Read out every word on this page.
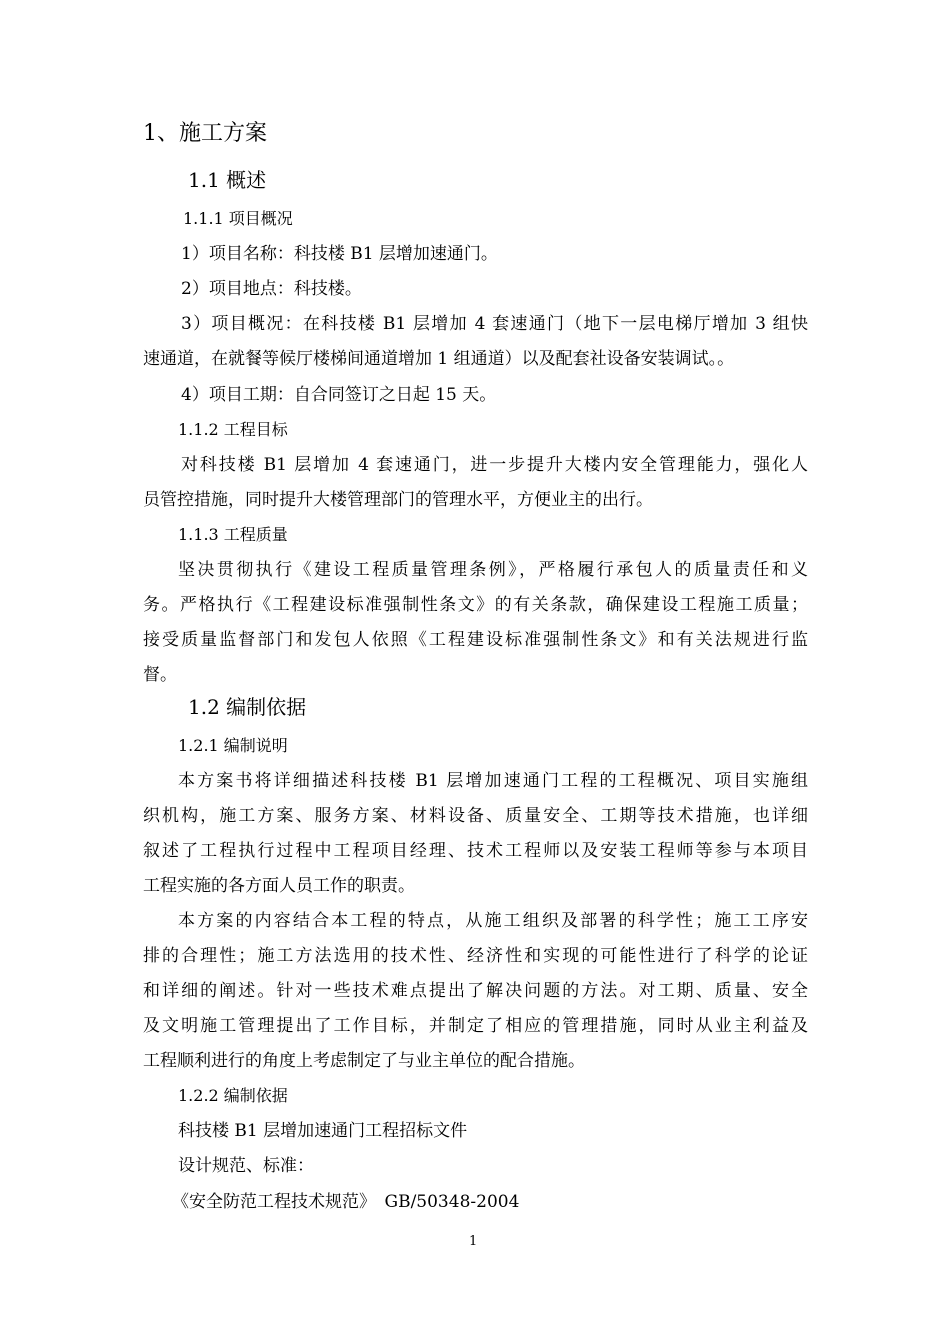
1、施工方案
1.1 概述
1.1.1 项目概况
1）项目名称：科技楼 B1 层增加速通门。
2）项目地点：科技楼。
3）项目概况：在科技楼 B1 层增加 4 套速通门（地下一层电梯厅增加 3 组快
速通道，在就餐等候厅楼梯间通道增加 1 组通道）以及配套社设备安装调试。。
4）项目工期：自合同签订之日起 15 天。
1.1.2 工程目标
对科技楼 B1 层增加 4 套速通门，进一步提升大楼内安全管理能力，强化人
员管控措施，同时提升大楼管理部门的管理水平，方便业主的出行。
1.1.3 工程质量
坚决贯彻执行《建设工程质量管理条例》，严格履行承包人的质量责任和义
务。严格执行《工程建设标准强制性条文》的有关条款，确保建设工程施工质量；
接受质量监督部门和发包人依照《工程建设标准强制性条文》和有关法规进行监
督。
1.2 编制依据
1.2.1 编制说明
本方案书将详细描述科技楼 B1 层增加速通门工程的工程概况、项目实施组
织机构，施工方案、服务方案、材料设备、质量安全、工期等技术措施，也详细
叙述了工程执行过程中工程项目经理、技术工程师以及安装工程师等参与本项目
工程实施的各方面人员工作的职责。
本方案的内容结合本工程的特点，从施工组织及部署的科学性；施工工序安
排的合理性；施工方法选用的技术性、经济性和实现的可能性进行了科学的论证
和详细的阐述。针对一些技术难点提出了解决问题的方法。对工期、质量、安全
及文明施工管理提出了工作目标，并制定了相应的管理措施，同时从业主利益及
工程顺利进行的角度上考虑制定了与业主单位的配合措施。
1.2.2 编制依据
科技楼 B1 层增加速通门工程招标文件
设计规范、标准：
《安全防范工程技术规范》　GB/50348-2004
1
